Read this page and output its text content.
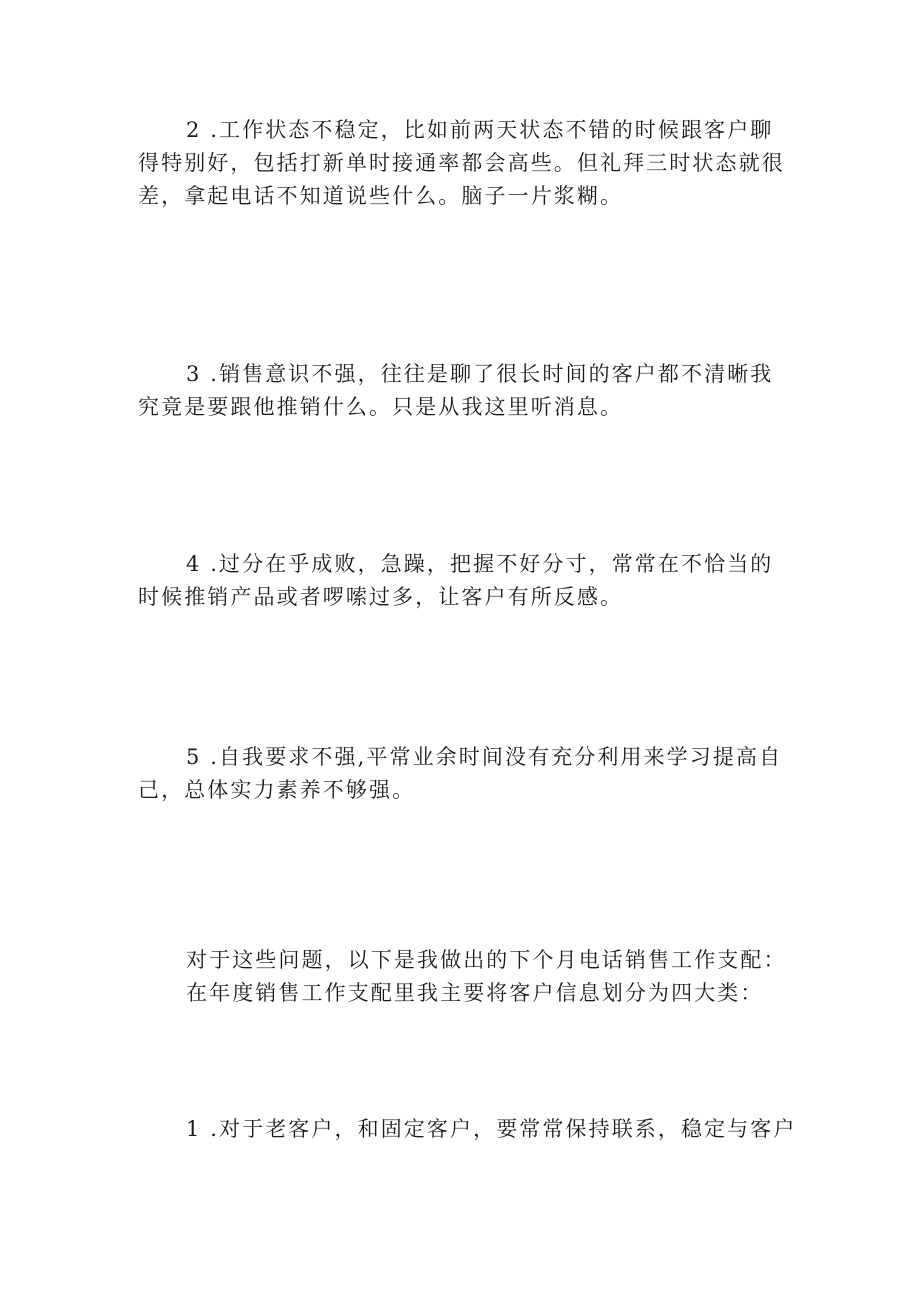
2 .工作状态不稳定，比如前两天状态不错的时候跟客户聊
得特别好，包括打新单时接通率都会高些。但礼拜三时状态就很
差，拿起电话不知道说些什么。脑子一片浆糊。
3 .销售意识不强，往往是聊了很长时间的客户都不清晰我
究竟是要跟他推销什么。只是从我这里听消息。
4 .过分在乎成败，急躁，把握不好分寸，常常在不恰当的
时候推销产品或者啰嗦过多，让客户有所反感。
5 .自我要求不强,平常业余时间没有充分利用来学习提高自
己，总体实力素养不够强。
对于这些问题，以下是我做出的下个月电话销售工作支配：
在年度销售工作支配里我主要将客户信息划分为四大类：
1 .对于老客户，和固定客户，要常常保持联系，稳定与客户
